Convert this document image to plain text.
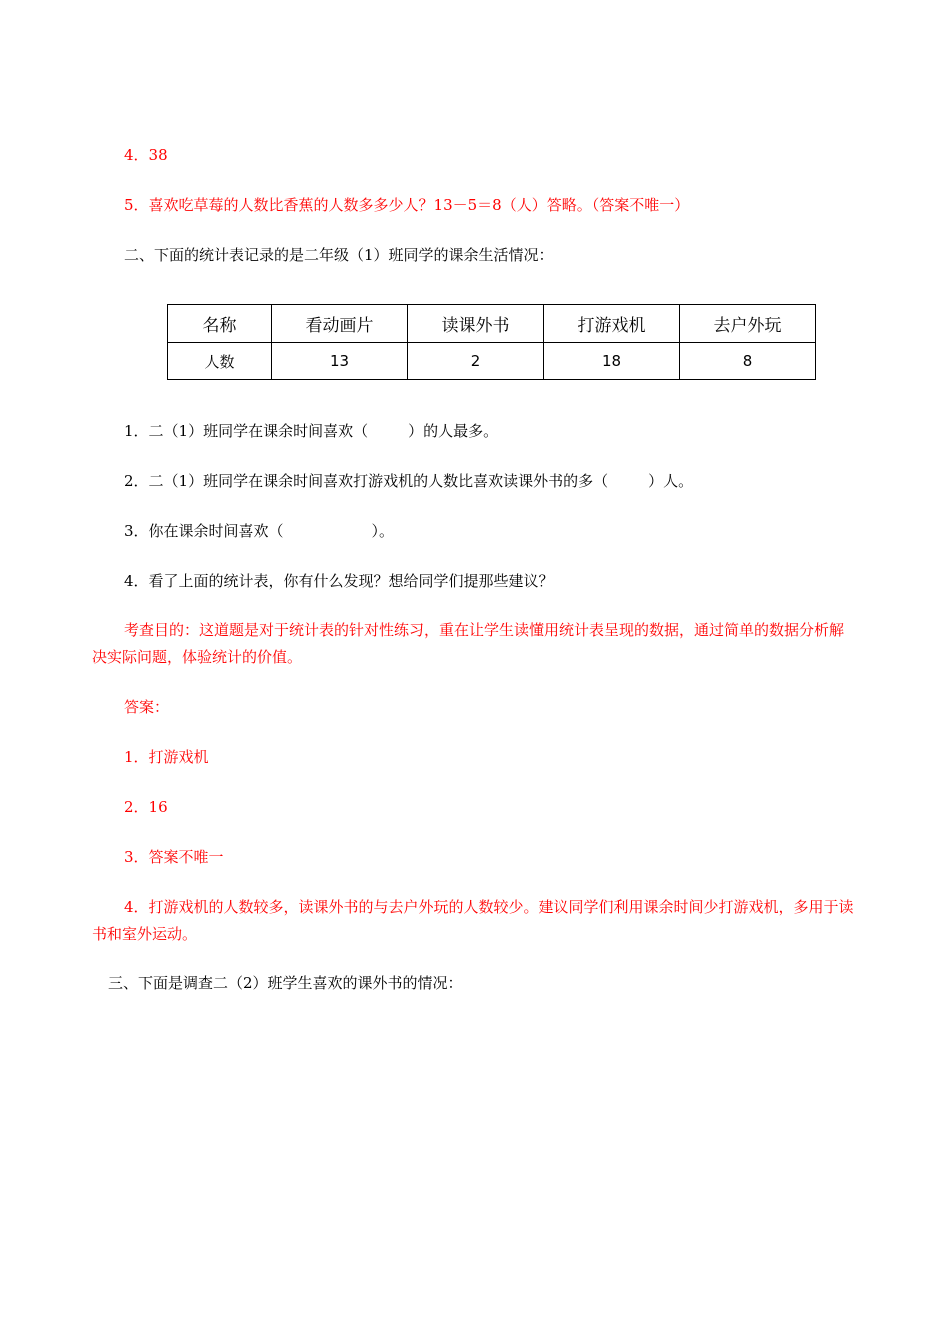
4．38
5．喜欢吃草莓的人数比香蕉的人数多多少人？13－5＝8（人）答略。（答案不唯一）
二、下面的统计表记录的是二年级（1）班同学的课余生活情况：
名称	看动画片	读课外书	打游戏机	去户外玩
人数	13	2	18	8
1．二（1）班同学在课余时间喜欢（	）的人最多。
2．二（1）班同学在课余时间喜欢打游戏机的人数比喜欢读课外书的多（	）人。
3．你在课余时间喜欢（	）。
4．看了上面的统计表，你有什么发现？想给同学们提那些建议？
考查目的：这道题是对于统计表的针对性练习，重在让学生读懂用统计表呈现的数据，通过简单的数据分析解决实际问题，体验统计的价值。
答案：
1．打游戏机
2．16
3．答案不唯一
4．打游戏机的人数较多，读课外书的与去户外玩的人数较少。建议同学们利用课余时间少打游戏机，多用于读书和室外运动。
三、下面是调查二（2）班学生喜欢的课外书的情况：
